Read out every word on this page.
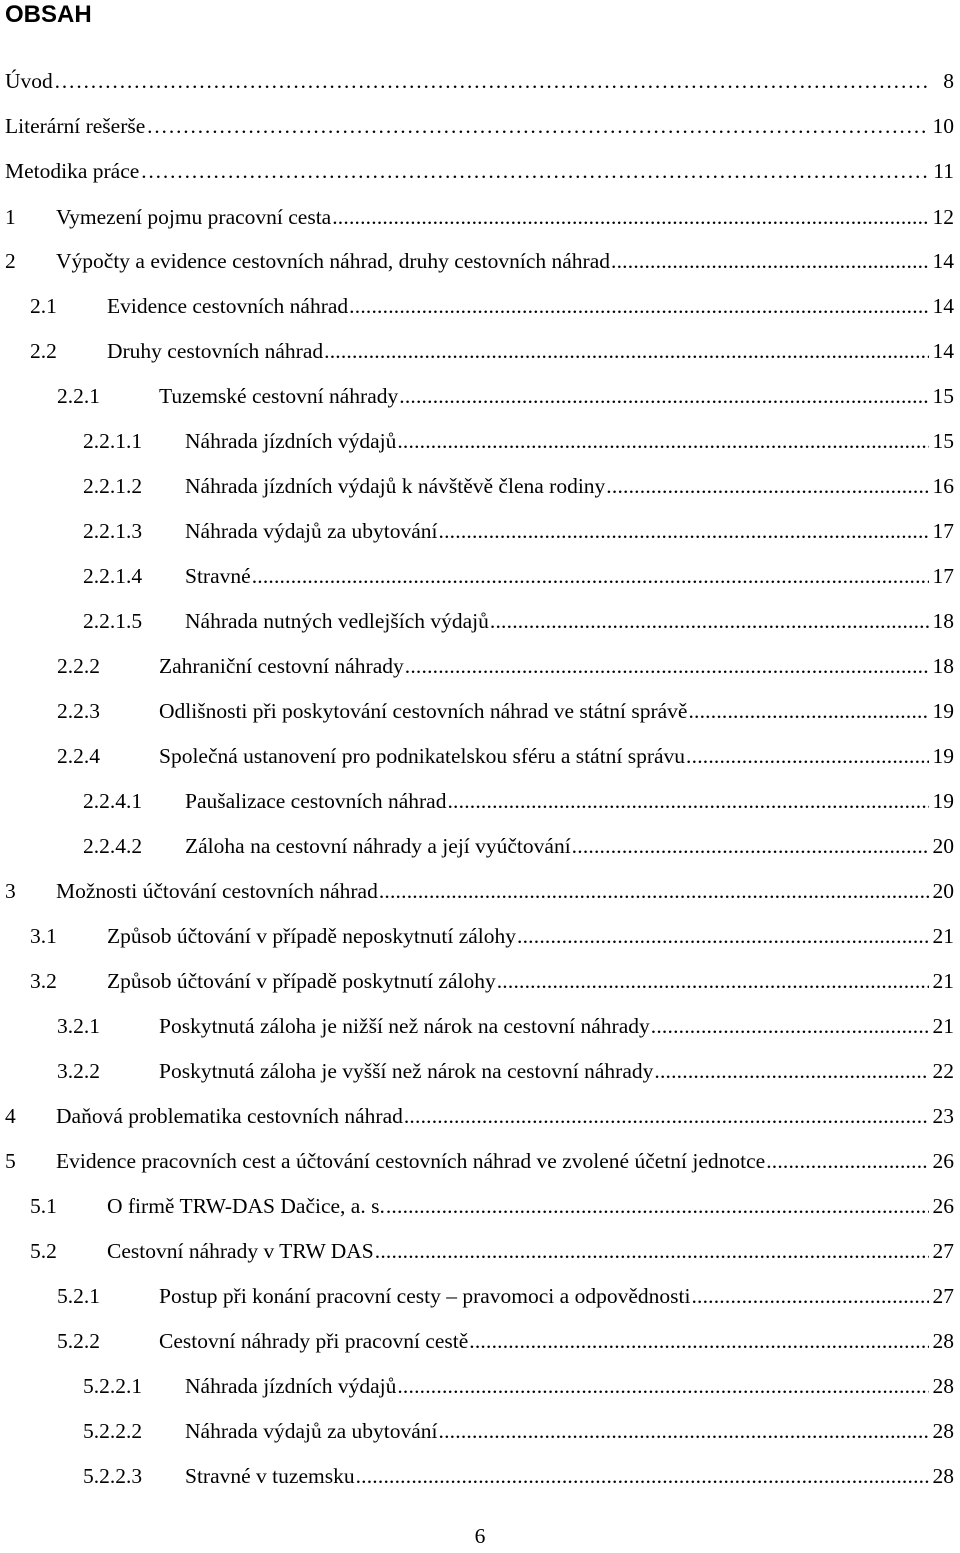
OBSAH
Úvod …………………………………………………………………………………………………………………………………………………………………………………………	8
Literární rešerše …………………………………………………………………………………………………………………………………………………………………………………………	10
Metodika práce …………………………………………………………………………………………………………………………………………………………………………………………	11
1	Vymezení pojmu pracovní cesta .....	12
2	Výpočty a evidence cestovních náhrad, druhy cestovních náhrad .....	14
2.1	Evidence cestovních náhrad .....	14
2.2	Druhy cestovních náhrad .....	14
2.2.1	Tuzemské cestovní náhrady .....	15
2.2.1.1	Náhrada jízdních výdajů .....	15
2.2.1.2	Náhrada jízdních výdajů k návštěvě člena rodiny .....	16
2.2.1.3	Náhrada výdajů za ubytování .....	17
2.2.1.4	Stravné .....	17
2.2.1.5	Náhrada nutných vedlejších výdajů .....	18
2.2.2	Zahraniční cestovní náhrady .....	18
2.2.3	Odlišnosti při poskytování cestovních náhrad ve státní správě .....	19
2.2.4	Společná ustanovení pro podnikatelskou sféru a státní správu .....	19
2.2.4.1	Paušalizace cestovních náhrad .....	19
2.2.4.2	Záloha na cestovní náhrady a její vyúčtování .....	20
3	Možnosti účtování cestovních náhrad .....	20
3.1	Způsob účtování v případě neposkytnutí zálohy .....	21
3.2	Způsob účtování v případě poskytnutí zálohy .....	21
3.2.1	Poskytnutá záloha je nižší než nárok na cestovní náhrady .....	21
3.2.2	Poskytnutá záloha je vyšší než nárok na cestovní náhrady .....	22
4	Daňová problematika cestovních náhrad .....	23
5	Evidence pracovních cest a účtování cestovních náhrad ve zvolené účetní jednotce .....	26
5.1	O firmě TRW-DAS Dačice, a. s. .....	26
5.2	Cestovní náhrady v TRW DAS .....	27
5.2.1	Postup při konání pracovní cesty – pravomoci a odpovědnosti .....	27
5.2.2	Cestovní náhrady při pracovní cestě .....	28
5.2.2.1	Náhrada jízdních výdajů .....	28
5.2.2.2	Náhrada výdajů za ubytování .....	28
5.2.2.3	Stravné v tuzemsku .....	28
6
